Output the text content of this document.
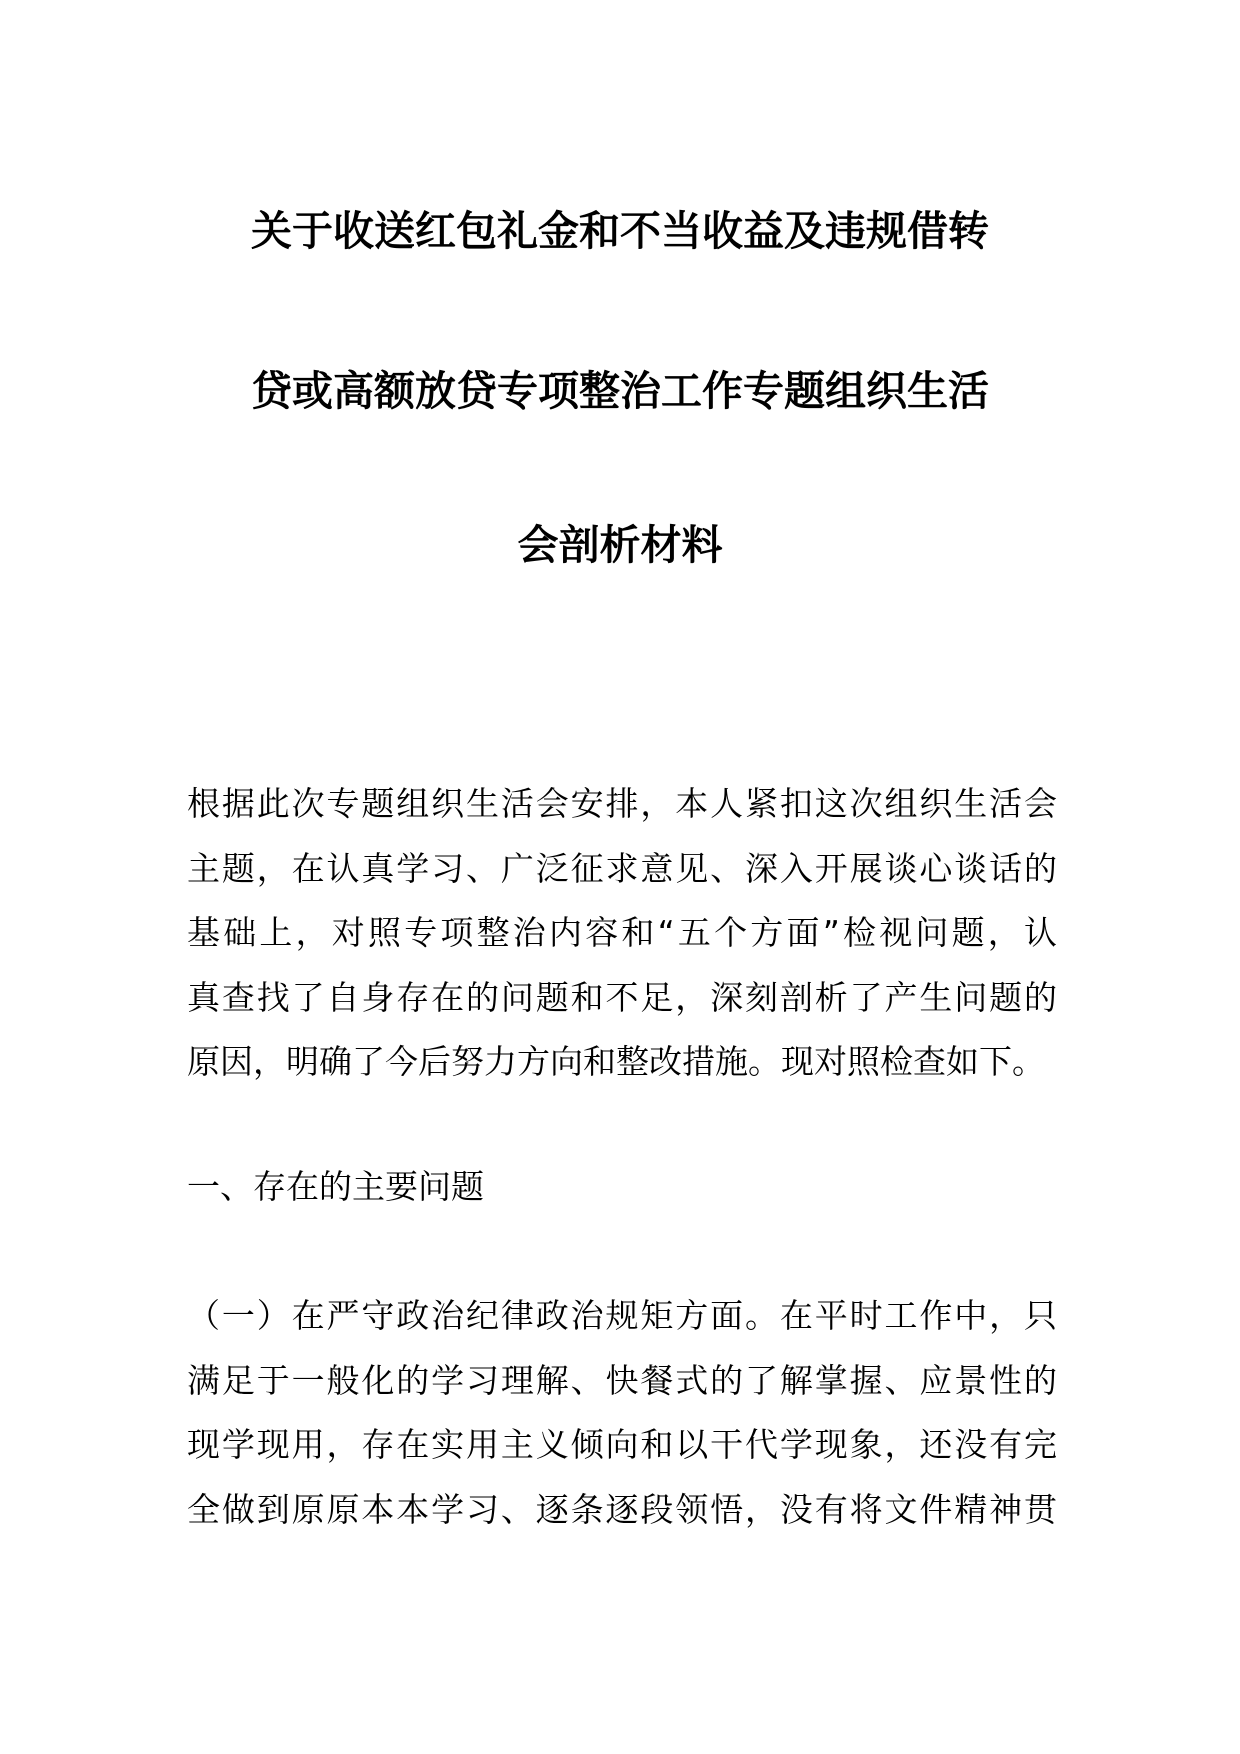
关于收送红包礼金和不当收益及违规借转
贷或高额放贷专项整治工作专题组织生活
会剖析材料

根据此次专题组织生活会安排，本人紧扣这次组织生活会
主题，在认真学习、广泛征求意见、深入开展谈心谈话的
基础上，对照专项整治内容和“五个方面”检视问题，认
真查找了自身存在的问题和不足，深刻剖析了产生问题的
原因，明确了今后努力方向和整改措施。现对照检查如下。

一、存在的主要问题

（一）在严守政治纪律政治规矩方面。在平时工作中，只
满足于一般化的学习理解、快餐式的了解掌握、应景性的
现学现用，存在实用主义倾向和以干代学现象，还没有完
全做到原原本本学习、逐条逐段领悟，没有将文件精神贯
